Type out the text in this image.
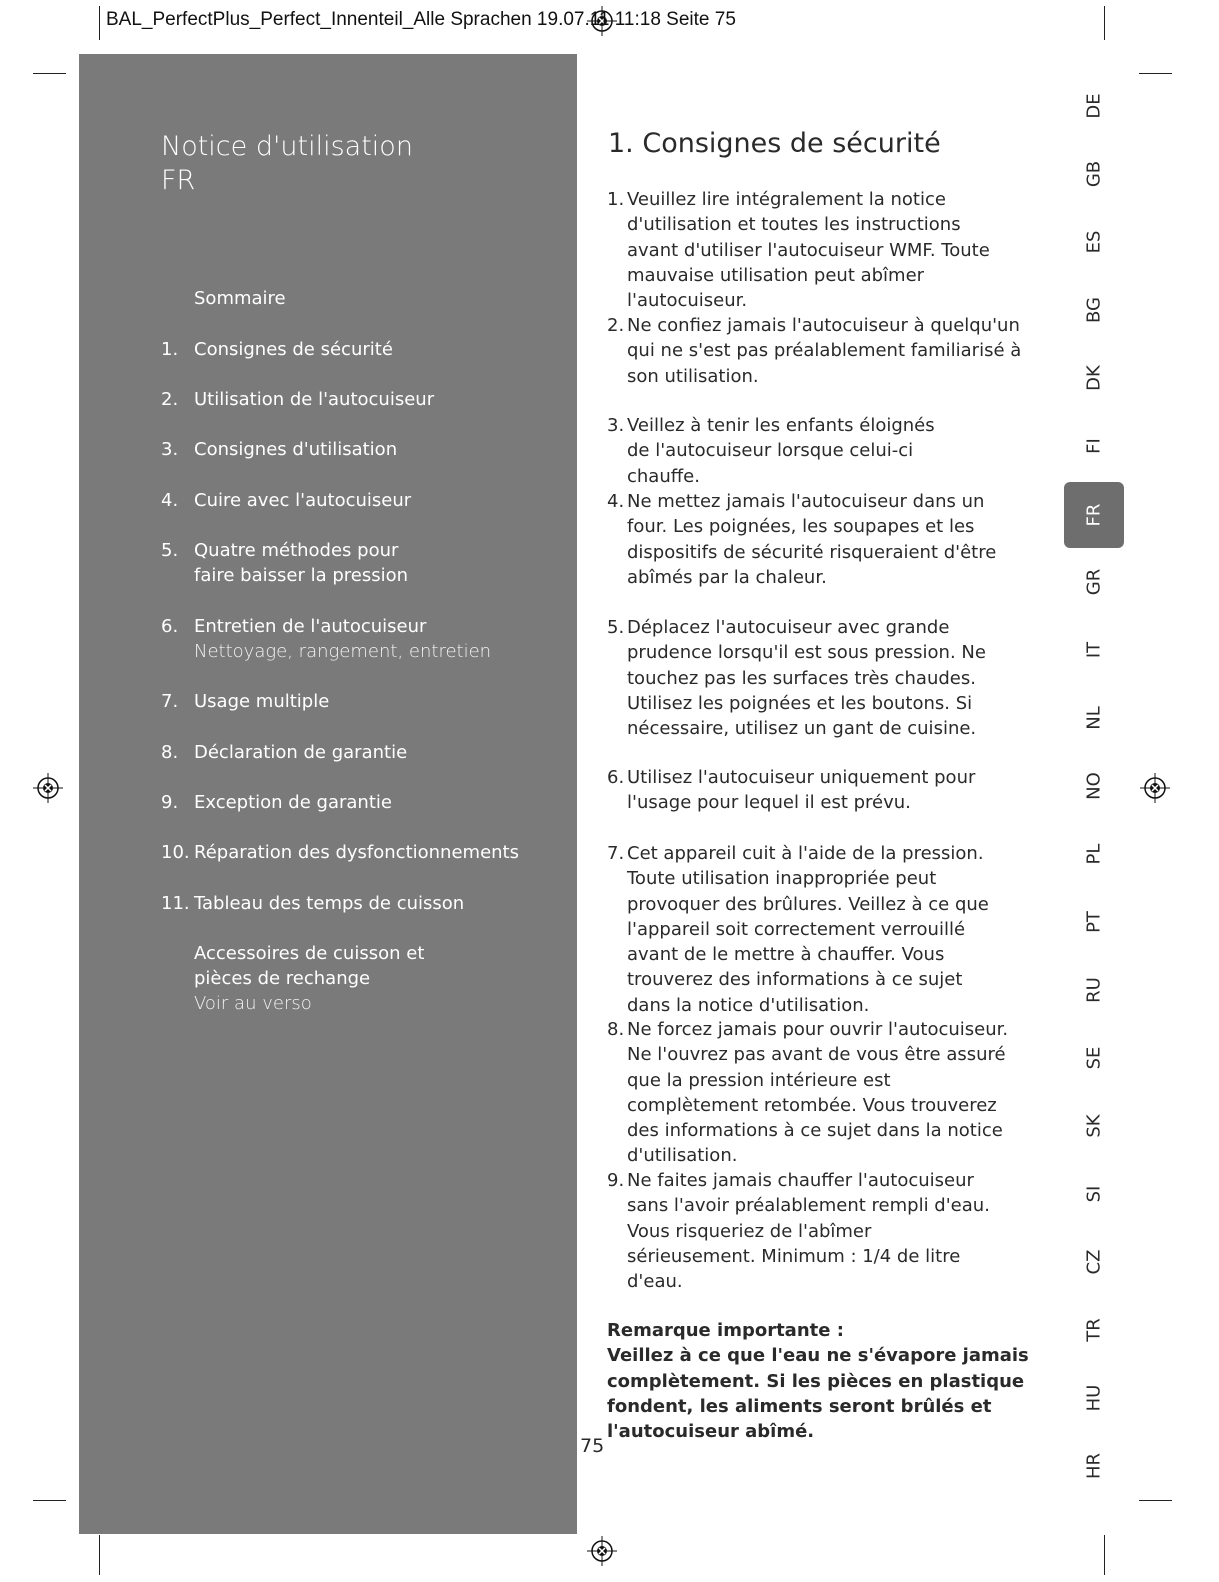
BAL_PerfectPlus_Perfect_Innenteil_Alle Sprachen 19.07.11 11:18 Seite 75
Notice d'utilisation
FR
Sommaire
1. Consignes de sécurité
2. Utilisation de l'autocuiseur
3. Consignes d'utilisation
4. Cuire avec l'autocuiseur
5. Quatre méthodes pour faire baisser la pression
6. Entretien de l'autocuiseur
Nettoyage, rangement, entretien
7. Usage multiple
8. Déclaration de garantie
9. Exception de garantie
10. Réparation des dysfonctionnements
11. Tableau des temps de cuisson
Accessoires de cuisson et pièces de rechange
Voir au verso
1. Consignes de sécurité
1. Veuillez lire intégralement la notice d'utilisation et toutes les instructions avant d'utiliser l'autocuiseur WMF. Toute mauvaise utilisation peut abîmer l'autocuiseur.
2. Ne confiez jamais l'autocuiseur à quelqu'un qui ne s'est pas préalablement familiarisé à son utilisation.
3. Veillez à tenir les enfants éloignés de l'autocuiseur lorsque celui-ci chauffe.
4. Ne mettez jamais l'autocuiseur dans un four. Les poignées, les soupapes et les dispositifs de sécurité risqueraient d'être abîmés par la chaleur.
5. Déplacez l'autocuiseur avec grande prudence lorsqu'il est sous pression. Ne touchez pas les surfaces très chaudes. Utilisez les poignées et les boutons. Si nécessaire, utilisez un gant de cuisine.
6. Utilisez l'autocuiseur uniquement pour l'usage pour lequel il est prévu.
7. Cet appareil cuit à l'aide de la pression. Toute utilisation inappropriée peut provoquer des brûlures. Veillez à ce que l'appareil soit correctement verrouillé avant de le mettre à chauffer. Vous trouverez des informations à ce sujet dans la notice d'utilisation.
8. Ne forcez jamais pour ouvrir l'autocuiseur. Ne l'ouvrez pas avant de vous être assuré que la pression intérieure est complètement retombée. Vous trouverez des informations à ce sujet dans la notice d'utilisation.
9. Ne faites jamais chauffer l'autocuiseur sans l'avoir préalablement rempli d'eau. Vous risqueriez de l'abîmer sérieusement. Minimum : 1/4 de litre d'eau.
Remarque importante :
Veillez à ce que l'eau ne s'évapore jamais complètement. Si les pièces en plastique fondent, les aliments seront brûlés et l'autocuiseur abîmé.
75
DE
GB
ES
BG
DK
FI
FR
GR
IT
NL
NO
PL
PT
RU
SE
SK
SI
CZ
TR
HU
HR
